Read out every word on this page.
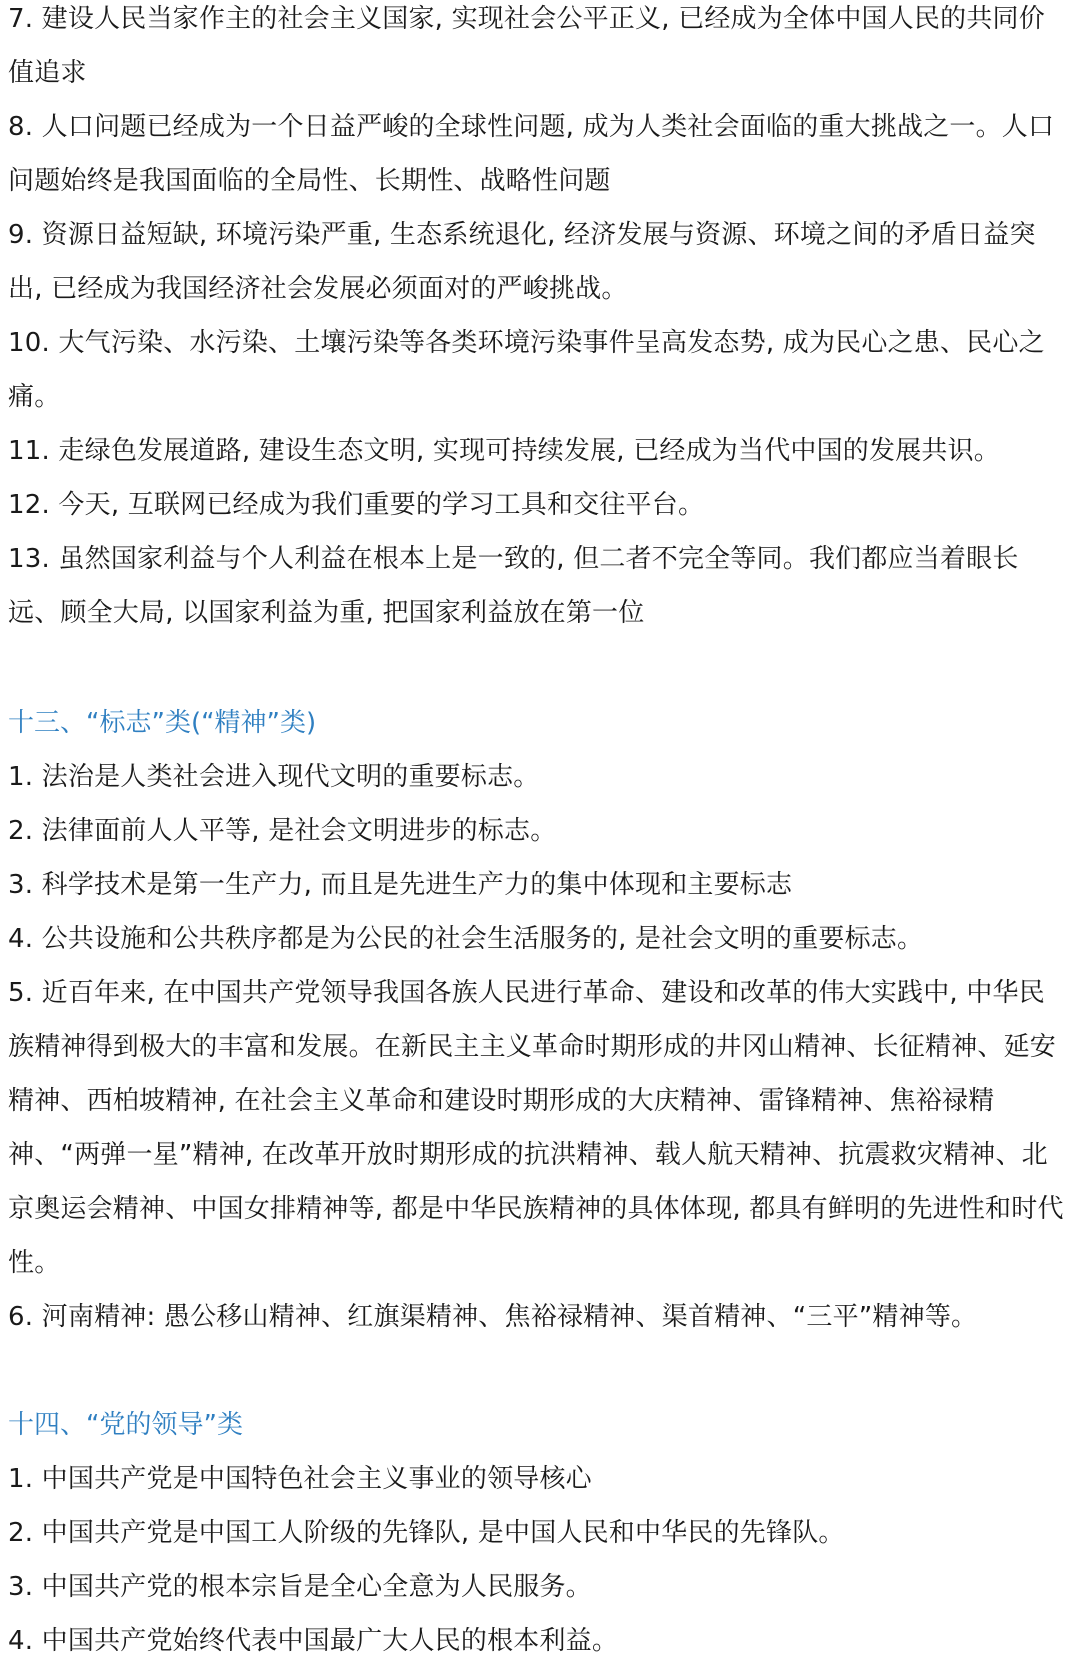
7. 建设人民当家作主的社会主义国家, 实现社会公平正义, 已经成为全体中国人民的共同价值追求

8. 人口问题已经成为一个日益严峻的全球性问题, 成为人类社会面临的重大挑战之一。人口问题始终是我国面临的全局性、长期性、战略性问题

9. 资源日益短缺, 环境污染严重, 生态系统退化, 经济发展与资源、环境之间的矛盾日益突出, 已经成为我国经济社会发展必须面对的严峻挑战。

10. 大气污染、水污染、土壤污染等各类环境污染事件呈高发态势, 成为民心之患、民心之痛。

11. 走绿色发展道路, 建设生态文明, 实现可持续发展, 已经成为当代中国的发展共识。

12. 今天, 互联网已经成为我们重要的学习工具和交往平台。

13. 虽然国家利益与个人利益在根本上是一致的, 但二者不完全等同。我们都应当着眼长远、顾全大局, 以国家利益为重, 把国家利益放在第一位

十三、“标志”类(“精神”类)

1. 法治是人类社会进入现代文明的重要标志。

2. 法律面前人人平等, 是社会文明进步的标志。

3. 科学技术是第一生产力, 而且是先进生产力的集中体现和主要标志

4. 公共设施和公共秩序都是为公民的社会生活服务的, 是社会文明的重要标志。

5. 近百年来, 在中国共产党领导我国各族人民进行革命、建设和改革的伟大实践中, 中华民族精神得到极大的丰富和发展。在新民主主义革命时期形成的井冈山精神、长征精神、延安精神、西柏坡精神, 在社会主义革命和建设时期形成的大庆精神、雷锋精神、焦裕禄精神、“两弹一星”精神, 在改革开放时期形成的抗洪精神、载人航天精神、抗震救灾精神、北京奥运会精神、中国女排精神等, 都是中华民族精神的具体体现, 都具有鲜明的先进性和时代性。

6. 河南精神: 愚公移山精神、红旗渠精神、焦裕禄精神、渠首精神、“三平”精神等。

十四、“党的领导”类

1. 中国共产党是中国特色社会主义事业的领导核心

2. 中国共产党是中国工人阶级的先锋队, 是中国人民和中华民的先锋队。

3. 中国共产党的根本宗旨是全心全意为人民服务。

4. 中国共产党始终代表中国最广大人民的根本利益。
